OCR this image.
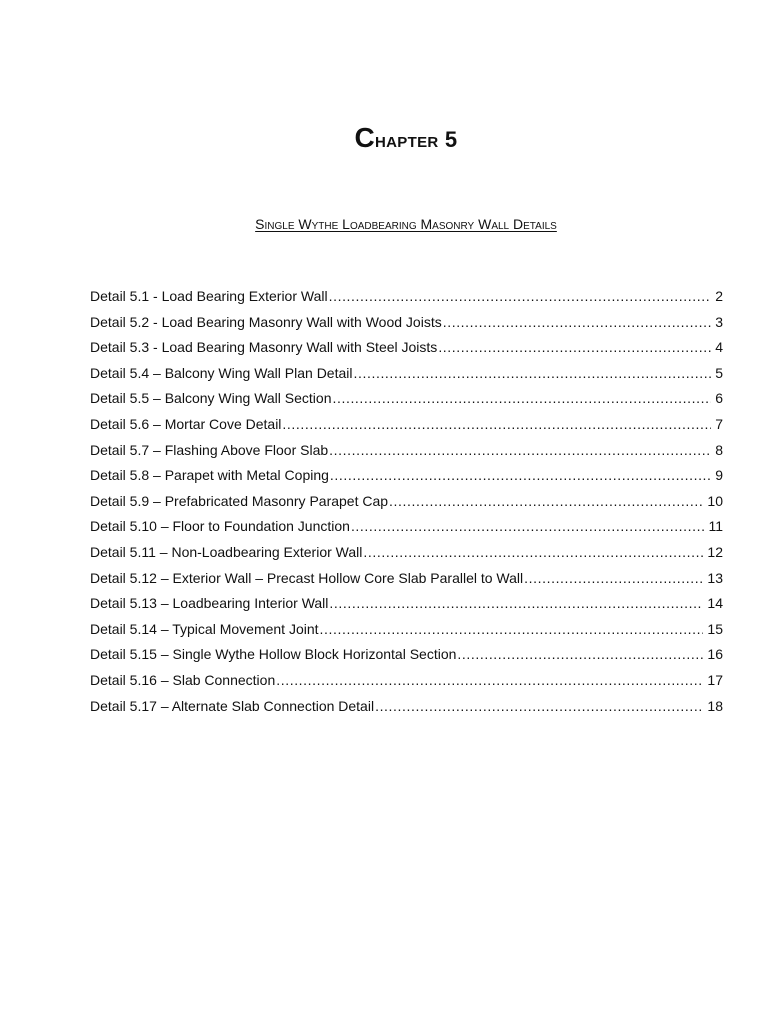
Chapter 5
Single Wythe Loadbearing Masonry Wall Details
Detail 5.1 - Load Bearing Exterior Wall .....	2
Detail 5.2 - Load Bearing Masonry Wall with Wood Joists .....	3
Detail 5.3 - Load Bearing Masonry Wall with Steel Joists .....	4
Detail 5.4 – Balcony Wing Wall Plan Detail .....	5
Detail 5.5 – Balcony Wing Wall Section .....	6
Detail 5.6 – Mortar Cove Detail .....	7
Detail 5.7 – Flashing Above Floor Slab .....	8
Detail 5.8 – Parapet with Metal Coping .....	9
Detail 5.9 – Prefabricated Masonry Parapet Cap .....	10
Detail 5.10 – Floor to Foundation Junction .....	11
Detail 5.11 – Non-Loadbearing Exterior Wall .....	12
Detail 5.12 – Exterior Wall – Precast Hollow Core Slab Parallel to Wall .....	13
Detail 5.13 – Loadbearing Interior Wall .....	14
Detail 5.14 – Typical Movement Joint .....	15
Detail 5.15 – Single Wythe Hollow Block Horizontal Section .....	16
Detail 5.16 – Slab Connection .....	17
Detail 5.17 – Alternate Slab Connection Detail .....	18
